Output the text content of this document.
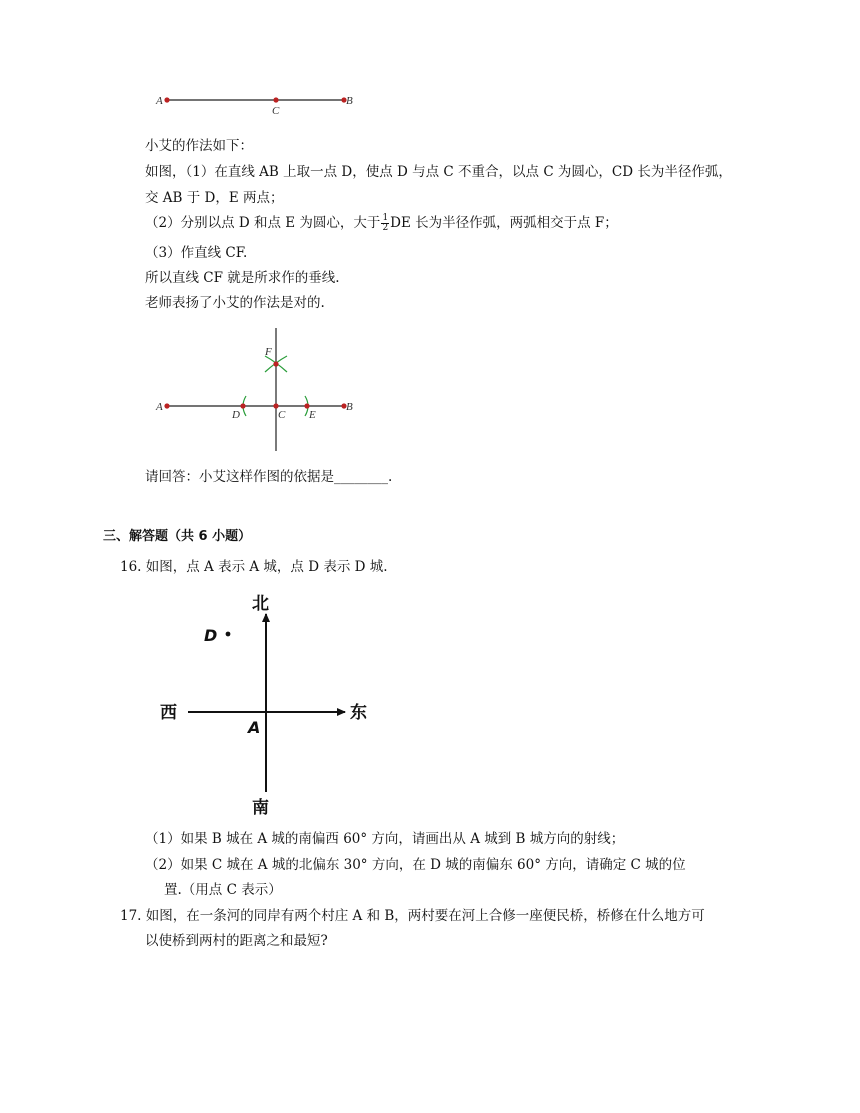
A
C
B
小艾的作法如下：
如图，（1）在直线 AB 上取一点 D，使点 D 与点 C 不重合，以点 C 为圆心，CD 长为半径作弧，
交 AB 于 D，E 两点；
（2）分别以点 D 和点 E 为圆心，大于 $\frac{1}{2}$ DE 长为半径作弧，两弧相交于点 F；
（3）作直线 CF.
所以直线 CF 就是所求作的垂线.
老师表扬了小艾的作法是对的.
A
D	C E
B
F
请回答：小艾这样作图的依据是________.
三、解答题（共 6 小题）
16. 如图，点 A 表示 A 城，点 D 表示 D 城.
北
南
西	东
A
D
（1）如果 B 城在 A 城的南偏西 60° 方向，请画出从 A 城到 B 城方向的射线；
（2）如果 C 城在 A 城的北偏东 30° 方向，在 D 城的南偏东 60° 方向，请确定 C 城的位
置.（用点 C 表示）
17. 如图，在一条河的同岸有两个村庄 A 和 B，两村要在河上合修一座便民桥，桥修在什么地方可
以使桥到两村的距离之和最短?
